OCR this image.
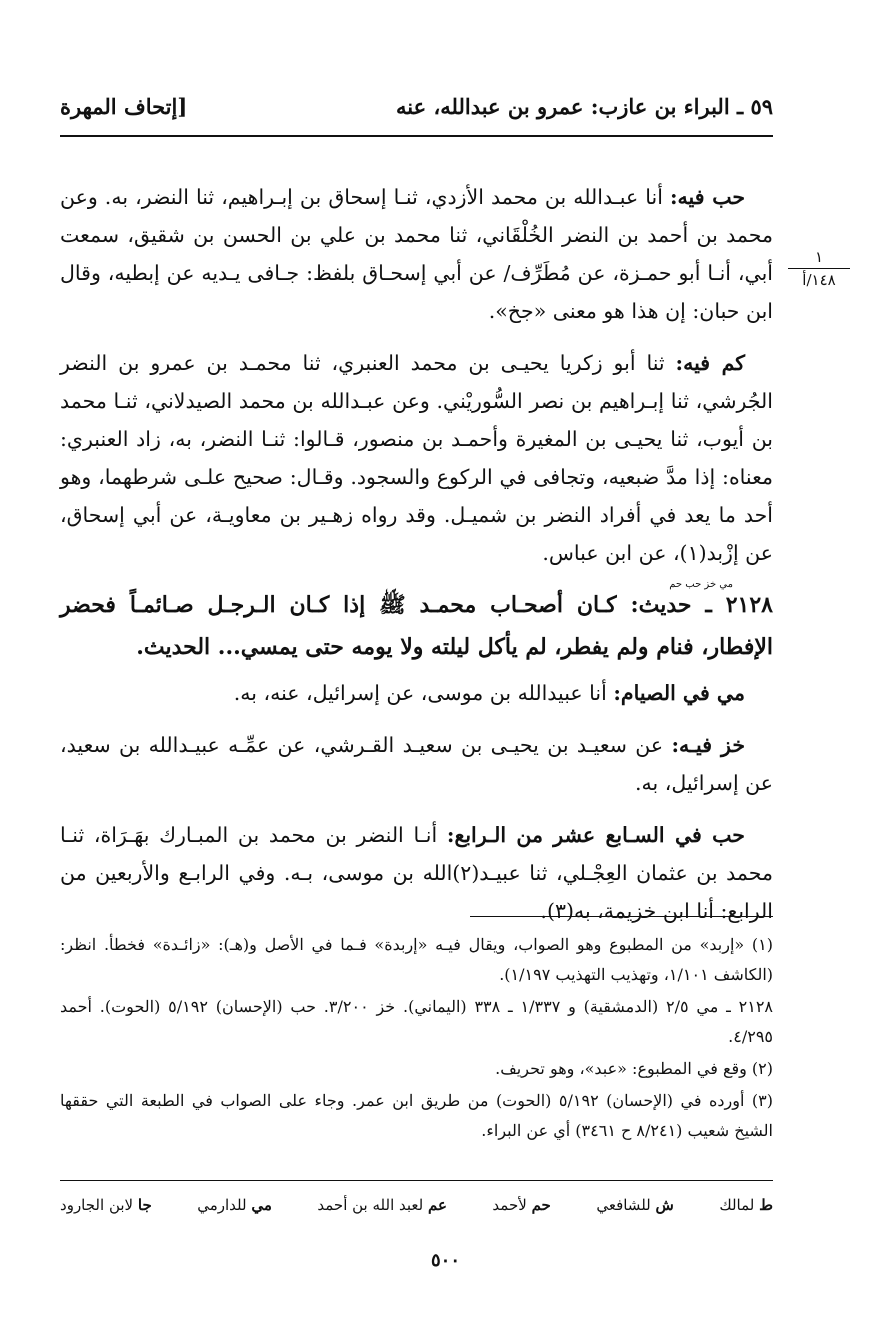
٥٩ ـ البراء بن عازب: عمرو بن عبدالله، عنه
[إتحاف المهرة
١
١٤٨/أ

حب فيه: أنا عبـدالله بن محمد الأزدي، ثنـا إسحاق بن إبـراهيم، ثنا النضر، به. وعن محمد بن أحمد بن النضر الخُلْقَاني، ثنا محمد بن علي بن الحسن بن شقيق، سمعت أبي، أنـا أبو حمـزة، عن مُطَرِّف/ عن أبي إسحـاق بلفظ: جـافى يـديه عن إبطيه، وقال ابن حبان: إن هذا هو معنى «جخ».

كم فيه: ثنا أبو زكريا يحيـى بن محمد العنبري، ثنا محمـد بن عمرو بن النضر الجُرشي، ثنا إبـراهيم بن نصر السُّوريْني. وعن عبـدالله بن محمد الصيدلاني، ثنـا محمد بن أيوب، ثنا يحيـى بن المغيرة وأحمـد بن منصور، قـالوا: ثنـا النضر، به، زاد العنبري: معناه: إذا مدَّ ضبعيه، وتجافى في الركوع والسجود. وقـال: صحيح علـى شرطهما، وهو أحد ما يعد في أفراد النضر بن شميـل. وقد رواه زهـير بن معاويـة، عن أبي إسحاق، عن إزْبد(١)، عن ابن عباس.

مي خز حب حم
٢١٢٨ ـ حديث: كـان أصحـاب محمـد ﷺ إذا كـان الـرجـل صـائمـاً فحضر الإفطار، فنام ولم يفطر، لم يأكل ليلته ولا يومه حتى يمسي... الحديث.

مي في الصيام: أنا عبيدالله بن موسى، عن إسرائيل، عنه، به.

خز فيـه: عن سعيـد بن يحيـى بن سعيـد القـرشي، عن عمِّـه عبيـدالله بن سعيد، عن إسرائيل، به.

حب في السـابع عشر من الـرابع: أنـا النضر بن محمد بن المبـارك بهَـرَاة، ثنـا محمد بن عثمان العِجْـلي، ثنا عبيـد(٢)الله بن موسى، بـه. وفي الرابـع والأربعين من الرابع: أنا ابن خزيمة، به(٣).

(١) «إربد» من المطبوع وهو الصواب، ويقال فيـه «إربدة» فـما في الأصل و(هـ): «زائـدة» فخطأ. انظر: (الكاشف ١/١٠١، وتهذيب التهذيب ١/١٩٧).

٢١٢٨ ـ مي ٢/٥ (الدمشقية) و ١/٣٣٧ ـ ٣٣٨ (اليماني). خز ٣/٢٠٠. حب (الإحسان) ٥/١٩٢ (الحوت). أحمد ٤/٢٩٥.

(٢) وقع في المطبوع: «عبد»، وهو تحريف.

(٣) أورده في (الإحسان) ٥/١٩٢ (الحوت) من طريق ابن عمر. وجاء على الصواب في الطبعة التي حققها الشيخ شعيب (٨/٢٤١ ح ٣٤٦١) أي عن البراء.

ط لمالك
ش للشافعي
حم لأحمد
عم لعبد الله بن أحمد
مي للدارمي
جا لابن الجارود
٥٠٠
